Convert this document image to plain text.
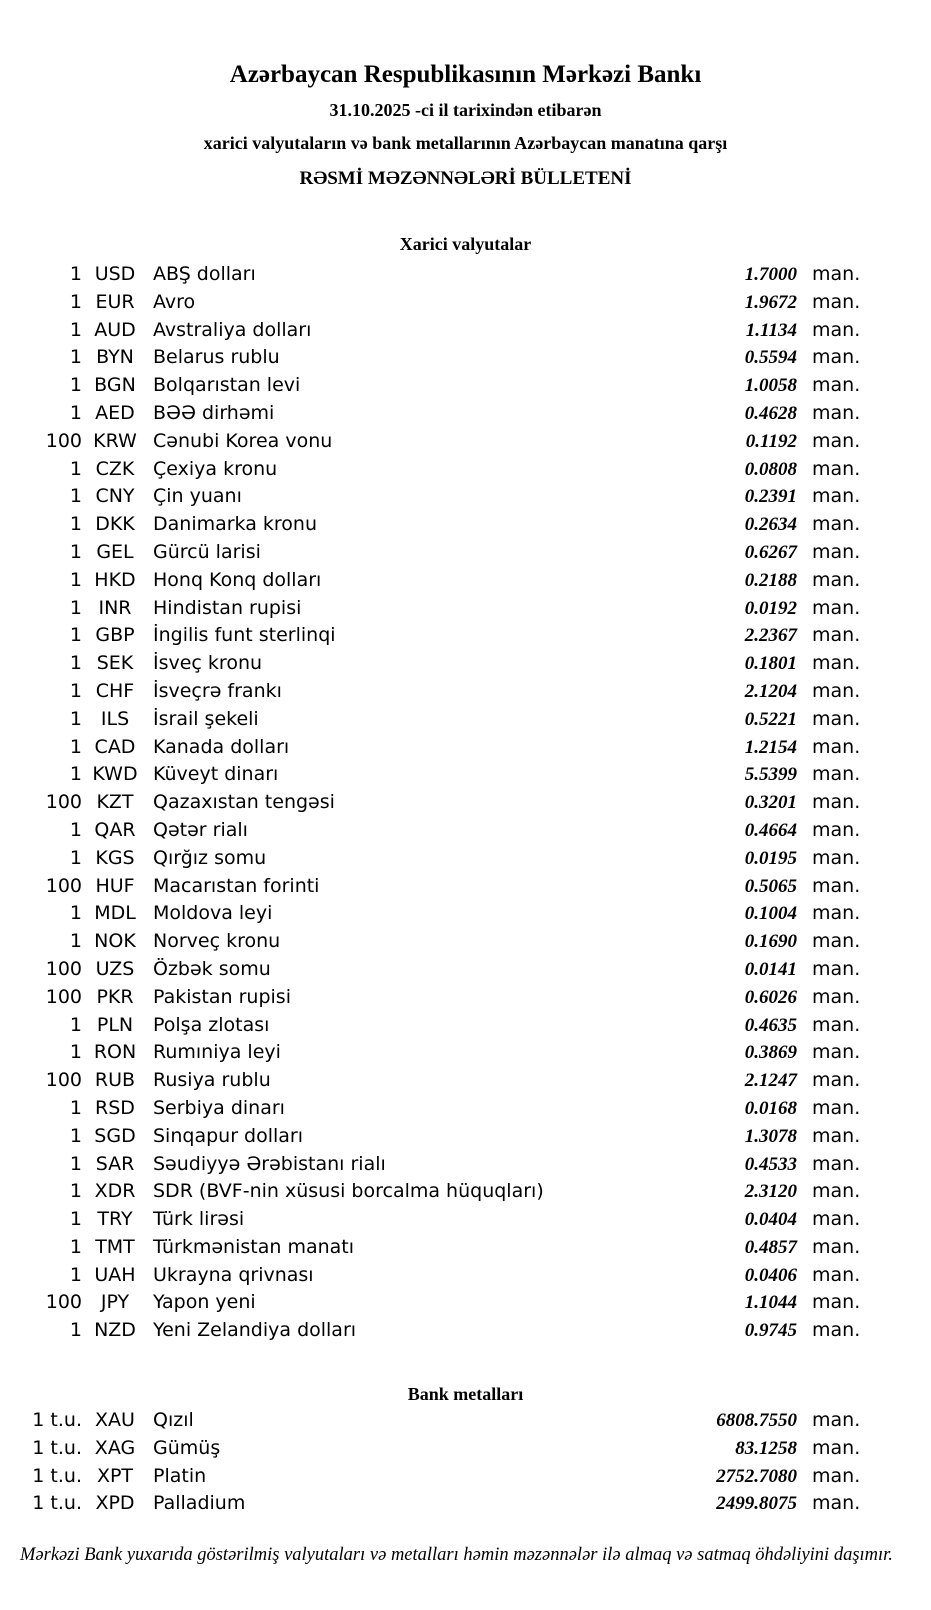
Azərbaycan Respublikasının Mərkəzi Bankı
31.10.2025 -ci il tarixindən etibarən
xarici valyutaların və bank metallarının Azərbaycan manatına qarşı
RƏSMİ MƏZƏNNƏLƏRİ BÜLLETENİ
Xarici valyutalar
1 USD ABŞ dolları	1.7000 man.
1 EUR Avro	1.9672 man.
1 AUD Avstraliya dolları	1.1134 man.
1 BYN	Belarus rublu	0.5594 man.
1 BGN Bolqarıstan levi	1.0058 man.
1 AED BƏƏ dirhəmi	0.4628 man.
100 KRW Cənubi Korea vonu	0.1192 man.
1 CZK Çexiya kronu	0.0808 man.
1 CNY Çin yuanı	0.2391 man.
1 DKK Danimarka kronu	0.2634 man.
1 GEL	Gürcü larisi	0.6267 man.
1 HKD Honq Konq dolları	0.2188 man.
1 INR	Hindistan rupisi	0.0192 man.
1 GBP İngilis funt sterlinqi	2.2367 man.
1 SEK	İsveç kronu	0.1801 man.
1 CHF İsveçrə frankı	2.1204 man.
1 ILS	İsrail şekeli	0.5221 man.
1 CAD Kanada dolları	1.2154 man.
1 KWD Küveyt dinarı	5.5399 man.
100 KZT	Qazaxıstan tengəsi	0.3201 man.
1 QAR Qətər rialı	0.4664 man.
1 KGS Qırğız somu	0.0195 man.
100 HUF Macarıstan forinti	0.5065 man.
1 MDL Moldova leyi	0.1004 man.
1 NOK Norveç kronu	0.1690 man.
100 UZS Özbək somu	0.0141 man.
100 PKR	Pakistan rupisi	0.6026 man.
1 PLN	Polşa zlotası	0.4635 man.
1 RON Rumıniya leyi	0.3869 man.
100 RUB Rusiya rublu	2.1247 man.
1 RSD Serbiya dinarı	0.0168 man.
1 SGD Sinqapur dolları	1.3078 man.
1 SAR Səudiyyə Ərəbistanı rialı	0.4533 man.
1 XDR SDR (BVF-nin xüsusi borcalma hüquqları)	2.3120 man.
1 TRY	Türk lirəsi	0.0404 man.
1 TMT Türkmənistan manatı	0.4857 man.
1 UAH Ukrayna qrivnası	0.0406 man.
100 JPY	Yapon yeni	1.1044 man.
1 NZD Yeni Zelandiya dolları	0.9745 man.
Bank metalları
1 t.u. XAU Qızıl	6808.7550 man.
1 t.u. XAG Gümüş	83.1258 man.
1 t.u. XPT	Platin	2752.7080 man.
1 t.u. XPD Palladium	2499.8075 man.

Mərkəzi Bank yuxarıda göstərilmiş valyutaları və metalları həmin məzənnələr ilə almaq və satmaq öhdəliyini daşımır.
